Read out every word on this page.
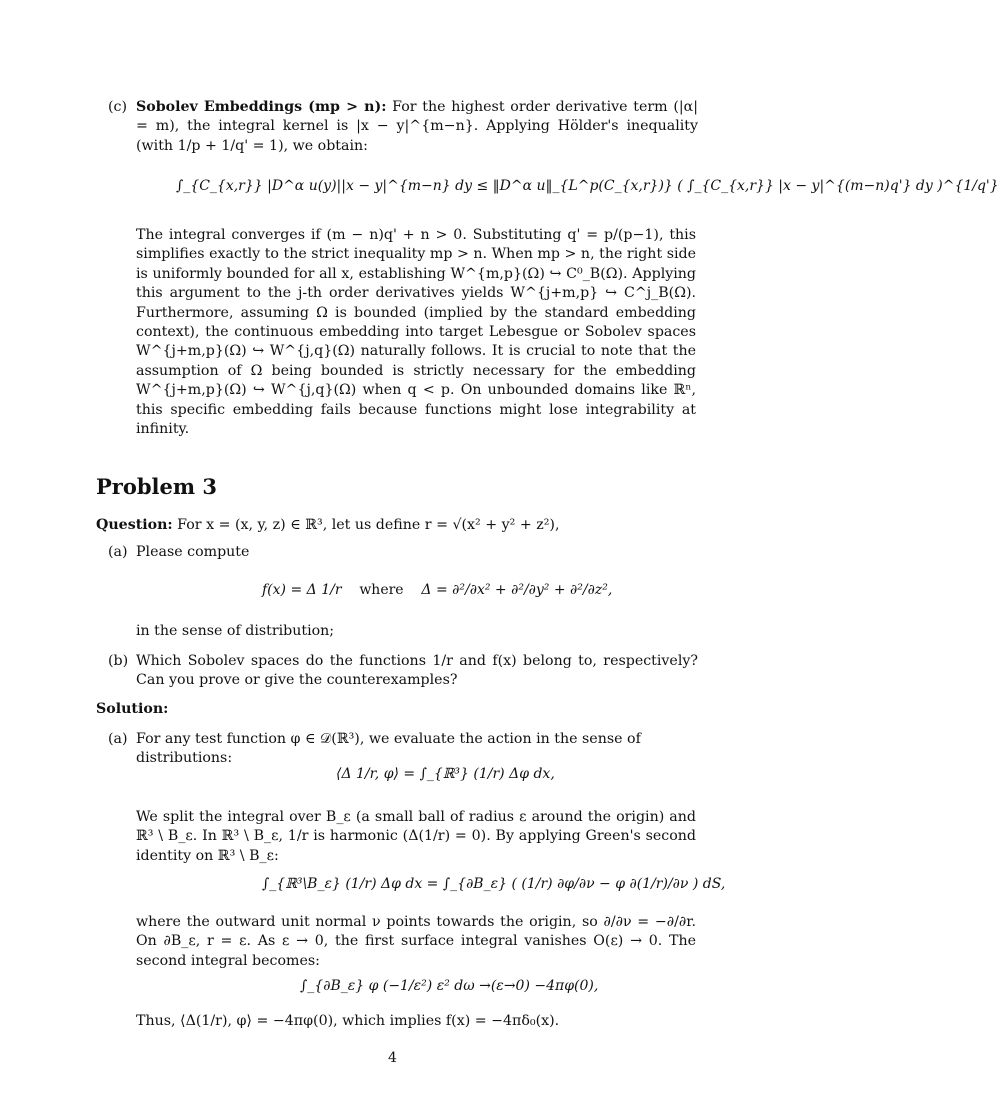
(c) Sobolev Embeddings (mp > n): For the highest order derivative term (|α| = m), the integral kernel is |x − y|^{m−n}. Applying Hölder's inequality (with 1/p + 1/q' = 1), we obtain:
∫_{C_{x,r}} |D^α u(y)||x − y|^{m−n} dy ≤ ‖D^α u‖_{L^p(C_{x,r})} ( ∫_{C_{x,r}} |x − y|^{(m−n)q'} dy )^{1/q'}
The integral converges if (m − n)q' + n > 0. Substituting q' = p/(p−1), this simplifies exactly to the strict inequality mp > n. When mp > n, the right side is uniformly bounded for all x, establishing W^{m,p}(Ω) ↪ C⁰_B(Ω). Applying this argument to the j-th order derivatives yields W^{j+m,p} ↪ C^j_B(Ω). Furthermore, assuming Ω is bounded (implied by the standard embedding context), the continuous embedding into target Lebesgue or Sobolev spaces W^{j+m,p}(Ω) ↪ W^{j,q}(Ω) naturally follows. It is crucial to note that the assumption of Ω being bounded is strictly necessary for the embedding W^{j+m,p}(Ω) ↪ W^{j,q}(Ω) when q < p. On unbounded domains like ℝⁿ, this specific embedding fails because functions might lose integrability at infinity.
Problem 3
Question: For x = (x, y, z) ∈ ℝ³, let us define r = √(x² + y² + z²),
(a) Please compute
f(x) = Δ 1/r where Δ = ∂²/∂x² + ∂²/∂y² + ∂²/∂z²,
in the sense of distribution;
(b) Which Sobolev spaces do the functions 1/r and f(x) belong to, respectively? Can you prove or give the counterexamples?
Solution:
(a) For any test function φ ∈ 𝒟(ℝ³), we evaluate the action in the sense of distributions:
⟨Δ 1/r, φ⟩ = ∫_{ℝ³} (1/r) Δφ dx,
We split the integral over B_ε (a small ball of radius ε around the origin) and ℝ³ \ B_ε. In ℝ³ \ B_ε, 1/r is harmonic (Δ(1/r) = 0). By applying Green's second identity on ℝ³ \ B_ε:
∫_{ℝ³\B_ε} (1/r) Δφ dx = ∫_{∂B_ε} ( (1/r) ∂φ/∂ν − φ ∂(1/r)/∂ν ) dS,
where the outward unit normal ν points towards the origin, so ∂/∂ν = −∂/∂r. On ∂B_ε, r = ε. As ε → 0, the first surface integral vanishes O(ε) → 0. The second integral becomes:
∫_{∂B_ε} φ (−1/ε²) ε² dω →(ε→0) −4πφ(0),
Thus, ⟨Δ(1/r), φ⟩ = −4πφ(0), which implies f(x) = −4πδ₀(x).
4
